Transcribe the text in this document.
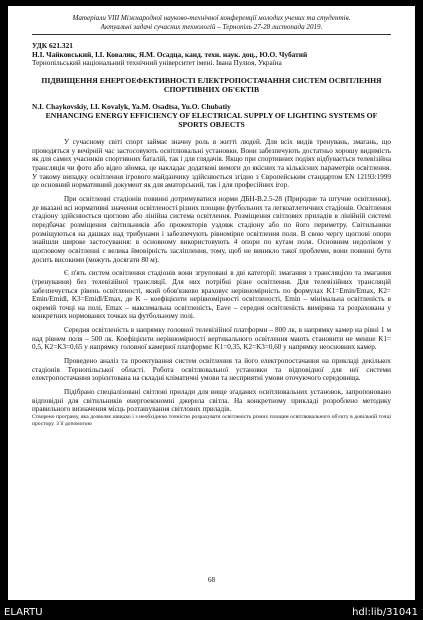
Матеріали VIII Міжнародної науково-технічної конференції молодих учених та студентів.
Актуальні задачі сучасних технологій – Тернопіль 27-28 листопада 2019.
УДК 621.321
Н.І. Чайковський, І.І. Ковалик, Я.М. Осадца, канд. техн. наук. доц., Ю.О. Чубатий
Тернопільський національний технічний університет імені. Івана Пулюя, Україна
ПІДВИЩЕННЯ ЕНЕРГОЕФЕКТИВНОСТІ ЕЛЕКТРОПОСТАЧАННЯ СИСТЕМ ОСВІТЛЕННЯ СПОРТИВНИХ ОБ'ЄКТІВ
N.I. Chaykovskiy, I.I. Kovalyk, Ya.M. Osadtsa, Yu.O. Chubatiy
ENHANCING ENERGY EFFICIENCY OF ELECTRICAL SUPPLY OF LIGHTING SYSTEMS OF SPORTS OBJECTS

У сучасному світі спорт займає значну роль в житті людей. Для всіх видів тренувань, змагань, що проводяться у вечірній час застосовують освітлювальні установки. Вони забезпечують достатньо хорошу видимість як для самих учасників спортивних баталій, так і для глядачів. Якщо при спортивних подіях відбувається телевізійна трансляція чи фото або відео зйомка, це накладає додаткові вимоги до якісних та кількісних параметрів освітлення. У такому випадку освітлення ігрового майданчику здійснюється згідно з Європейським стандартом EN 12193:1999 це основний нормативний документ як для аматорський, так і для професійних ігор.

При освітленні стадіонів повинні дотримуватися норми ДБН-В.2.5-28 (Природне та штучне освітлення), де вказані всі нормативні значення освітленості різних площин футбольних та легкоатлетичних стадіонів. Освітлення стадіону здійснюється щоглово або лінійна система освітлення. Розміщення світлових приладів в лінійній системі передбачає розміщення світильників або прожекторів уздовж стадіону або по його периметру. Світильники розміщуються на дашках над трибунами і забезпечують рівномірне освітлення поля. В свою чергу щоглові опори знайшли широке застосування: в основному використовують 4 опори по кутам поля. Основним недоліком у щогловому освітленні є велика ймовірність засліплення, тому, щоб не виникло такої проблеми, вони повинні бути досить високими (можуть досягати 80 м).

Є п'ять систем освітлення стадіонів вони згруповані в дві категорії: змагання з трансляцією та змагання (тренування) без телевізійної трансляції. Для них потрібні різне освітлення. Для телевізійних трансляцій забезпечується рівень освітленості, який обов'язково враховує нерівномірність по формулах K1=Emin/Emax, K2= Emin/Emidl, K3=Emidl/Emax, де K – коефіцієнти нерівномірності освітленості, Emin – мінімальна освітленість в окремій точці на полі, Emax – максимальна освітленість, Eave – середня освітленість виміряна та розрахована у конкретних нормованих точках на футбольному полі.

Середня освітленість в напрямку головної телевізійної платформи – 800 лк, в напрямку камер на рівні 1 м над рівнем поля – 500 лк. Коефіцієнти нерівномірності вертикального освітлення мають становити не менше K1= 0,5, K2=K3=0,65 у напрямку головної камерної платформи: K1=0,35, K2=K3=0,60 у напрямку неосновних камер.

Проведено аналіз та проектування систем освітлення та його електропостачання на прикладі декількох стадіонів Тернопільської області. Робота освітлювальної установки та відповідної для неї системи електропостачання зорієнтована на складні кліматичні умови та несприятні умови оточуючого середовища.

Підібрано спеціалізовані світлові прилади для вище згаданих освітлювальних установок, запропоновано відповідні для світильників енергоекономні джерела світла. На конкретному прикладі розроблено методику правильного визначення місць розташування світлових приладів.

Створено програму, яка дозволяє швидко і з необхідною точністю розрахувати освітленість різних площин освітлювального об'єкту в довільній точці простору. З її допомогою

68
ELARTU	hdl:lib/31041
